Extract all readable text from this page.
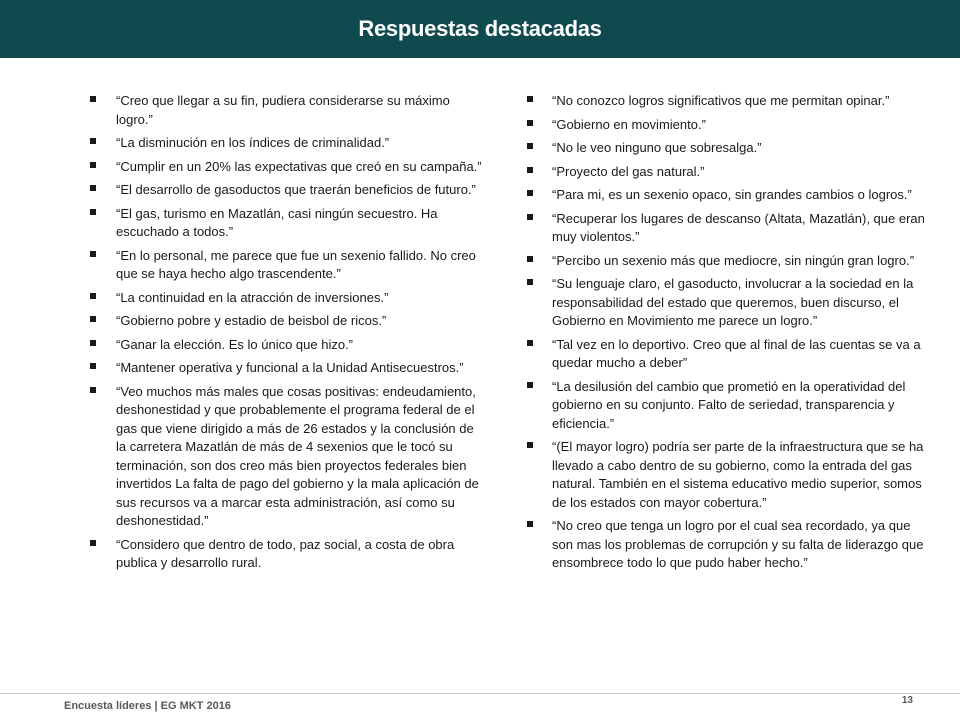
Respuestas destacadas
“Creo que llegar a su fin, pudiera considerarse su máximo logro.”
“La disminución en los índices de criminalidad.”
“Cumplir en un 20% las expectativas que creó en su campaña.”
“El desarrollo de gasoductos que traerán beneficios de futuro.”
“El gas, turismo en Mazatlán, casi ningún secuestro. Ha escuchado a todos.”
“En lo personal, me parece que fue un sexenio fallido. No creo que se haya hecho algo trascendente.”
“La continuidad en la atracción de inversiones.”
“Gobierno pobre y estadio de beisbol de ricos.”
“Ganar la elección. Es lo único que hizo.”
“Mantener operativa y funcional a la Unidad Antisecuestros.”
“Veo muchos más males que cosas positivas: endeudamiento, deshonestidad y que probablemente el programa federal de el gas que viene dirigido a más de 26 estados y la conclusión de la carretera Mazatlán de más de 4 sexenios que le tocó su terminación, son dos creo más bien proyectos federales bien invertidos La falta de pago del gobierno y la mala aplicación de sus recursos va a marcar esta administración, así como su deshonestidad.”
“Considero que dentro de todo, paz social, a costa de obra publica y desarrollo rural.
“No conozco logros significativos que me permitan opinar.”
“Gobierno en movimiento.”
“No le veo ninguno que sobresalga.”
“Proyecto del gas natural.”
“Para mi, es un sexenio opaco, sin grandes cambios o logros.”
“Recuperar los lugares de descanso (Altata, Mazatlán), que eran muy violentos.”
“Percibo un sexenio más que mediocre, sin ningún gran logro.”
“Su lenguaje claro, el gasoducto, involucrar a la sociedad en la responsabilidad del estado que queremos, buen discurso, el Gobierno en Movimiento me parece un logro.”
“Tal vez en lo deportivo. Creo que al final de las cuentas se va a quedar mucho a deber”
“La desilusión del cambio que prometió en la operatividad del gobierno en su conjunto. Falto de seriedad, transparencia y eficiencia.”
“(El mayor logro) podría ser parte de la infraestructura que se ha llevado a cabo dentro de su gobierno, como la entrada del gas natural. También en el sistema educativo medio superior, somos de los estados con mayor cobertura.”
“No creo que tenga un logro por el cual sea recordado, ya que son mas los problemas de corrupción y su falta de liderazgo que ensombrece todo lo que pudo haber hecho.”
Encuesta líderes | EG MKT 2016	13
